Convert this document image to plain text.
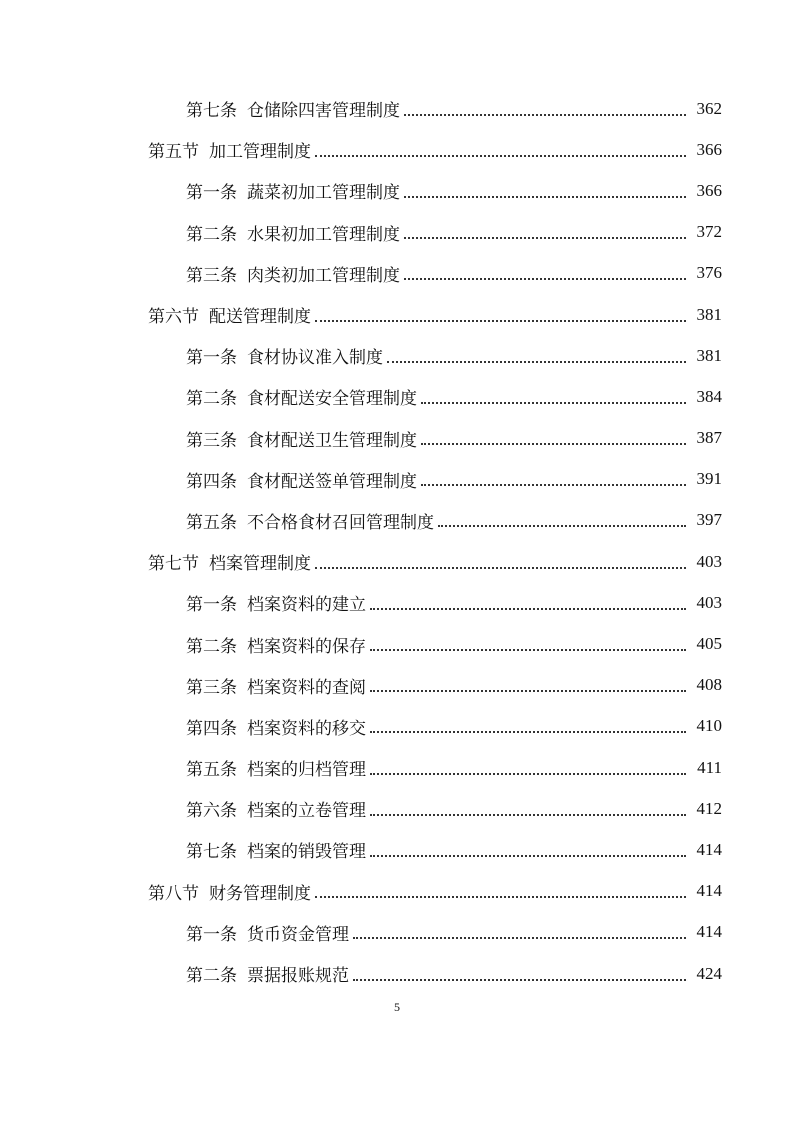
第七条 仓储除四害管理制度	362
第五节 加工管理制度	366
第一条 蔬菜初加工管理制度	366
第二条 水果初加工管理制度	372
第三条 肉类初加工管理制度	376
第六节 配送管理制度	381
第一条 食材协议准入制度	381
第二条 食材配送安全管理制度	384
第三条 食材配送卫生管理制度	387
第四条 食材配送签单管理制度	391
第五条 不合格食材召回管理制度	397
第七节 档案管理制度	403
第一条 档案资料的建立	403
第二条 档案资料的保存	405
第三条 档案资料的查阅	408
第四条 档案资料的移交	410
第五条 档案的归档管理	411
第六条 档案的立卷管理	412
第七条 档案的销毁管理	414
第八节 财务管理制度	414
第一条 货币资金管理	414
第二条 票据报账规范	424
5
